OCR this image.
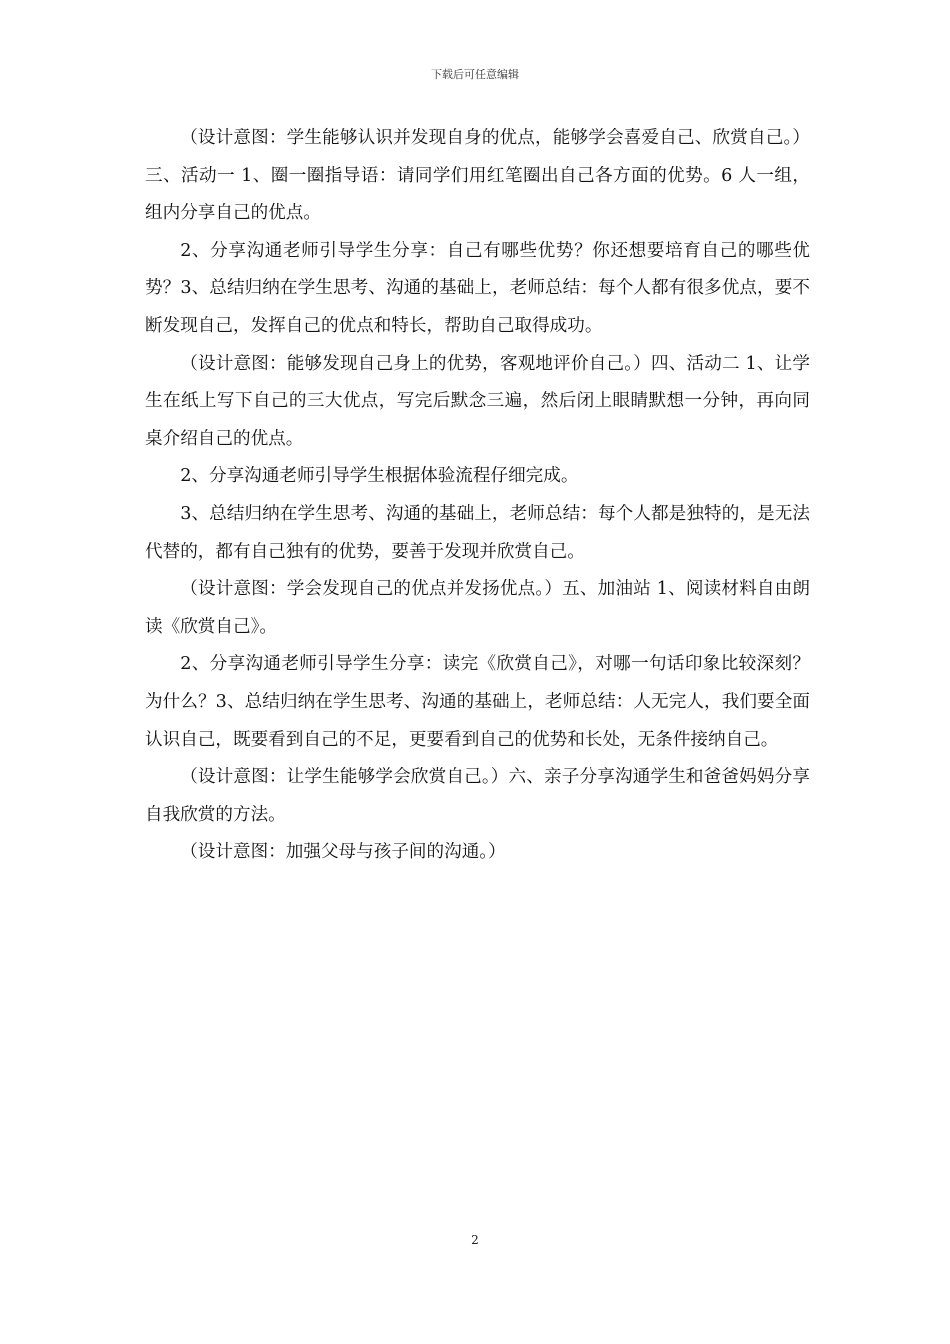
下载后可任意编辑

（设计意图：学生能够认识并发现自身的优点，能够学会喜爱自己、欣赏自己。）三、活动一 1、圈一圈指导语：请同学们用红笔圈出自己各方面的优势。6 人一组，组内分享自己的优点。

2、分享沟通老师引导学生分享：自己有哪些优势？你还想要培育自己的哪些优势？3、总结归纳在学生思考、沟通的基础上，老师总结：每个人都有很多优点，要不断发现自己，发挥自己的优点和特长，帮助自己取得成功。

（设计意图：能够发现自己身上的优势，客观地评价自己。）四、活动二 1、让学生在纸上写下自己的三大优点，写完后默念三遍，然后闭上眼睛默想一分钟，再向同桌介绍自己的优点。

2、分享沟通老师引导学生根据体验流程仔细完成。

3、总结归纳在学生思考、沟通的基础上，老师总结：每个人都是独特的，是无法代替的，都有自己独有的优势，要善于发现并欣赏自己。

（设计意图：学会发现自己的优点并发扬优点。）五、加油站 1、阅读材料自由朗读《欣赏自己》。

2、分享沟通老师引导学生分享：读完《欣赏自己》，对哪一句话印象比较深刻？为什么？3、总结归纳在学生思考、沟通的基础上，老师总结：人无完人，我们要全面认识自己，既要看到自己的不足，更要看到自己的优势和长处，无条件接纳自己。

（设计意图：让学生能够学会欣赏自己。）六、亲子分享沟通学生和爸爸妈妈分享自我欣赏的方法。

（设计意图：加强父母与孩子间的沟通。）

2
